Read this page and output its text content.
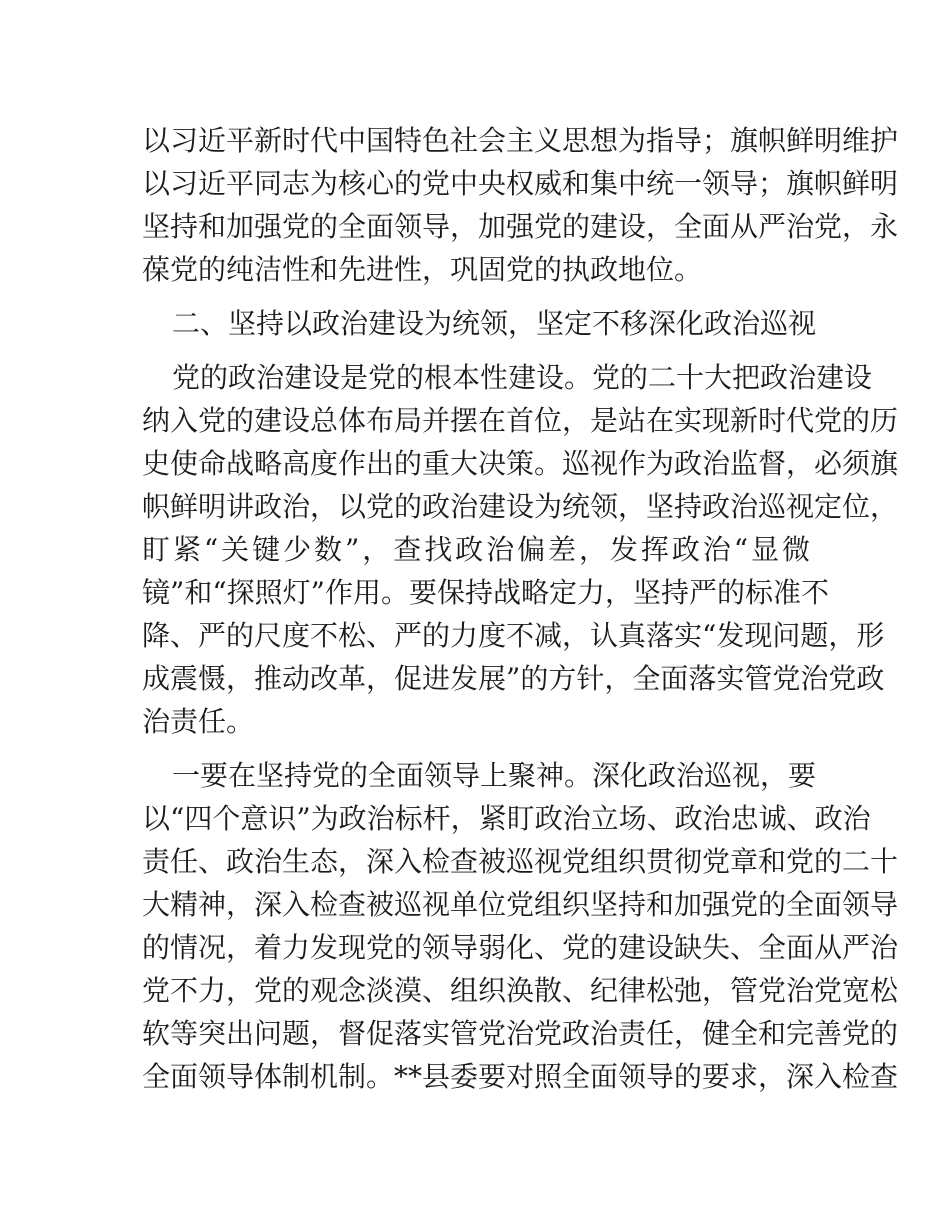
以习近平新时代中国特色社会主义思想为指导；旗帜鲜明维护
以习近平同志为核心的党中央权威和集中统一领导；旗帜鲜明
坚持和加强党的全面领导，加强党的建设，全面从严治党，永
葆党的纯洁性和先进性，巩固党的执政地位。
二、坚持以政治建设为统领，坚定不移深化政治巡视
党的政治建设是党的根本性建设。党的二十大把政治建设
纳入党的建设总体布局并摆在首位，是站在实现新时代党的历
史使命战略高度作出的重大决策。巡视作为政治监督，必须旗
帜鲜明讲政治，以党的政治建设为统领，坚持政治巡视定位，
盯紧“关键少数”，查找政治偏差，发挥政治“显微
镜”和“探照灯”作用。要保持战略定力，坚持严的标准不
降、严的尺度不松、严的力度不减，认真落实“发现问题，形
成震慑，推动改革，促进发展”的方针，全面落实管党治党政
治责任。
一要在坚持党的全面领导上聚神。深化政治巡视，要
以“四个意识”为政治标杆，紧盯政治立场、政治忠诚、政治
责任、政治生态，深入检查被巡视党组织贯彻党章和党的二十
大精神，深入检查被巡视单位党组织坚持和加强党的全面领导
的情况，着力发现党的领导弱化、党的建设缺失、全面从严治
党不力，党的观念淡漠、组织涣散、纪律松弛，管党治党宽松
软等突出问题，督促落实管党治党政治责任，健全和完善党的
全面领导体制机制。**县委要对照全面领导的要求，深入检查
